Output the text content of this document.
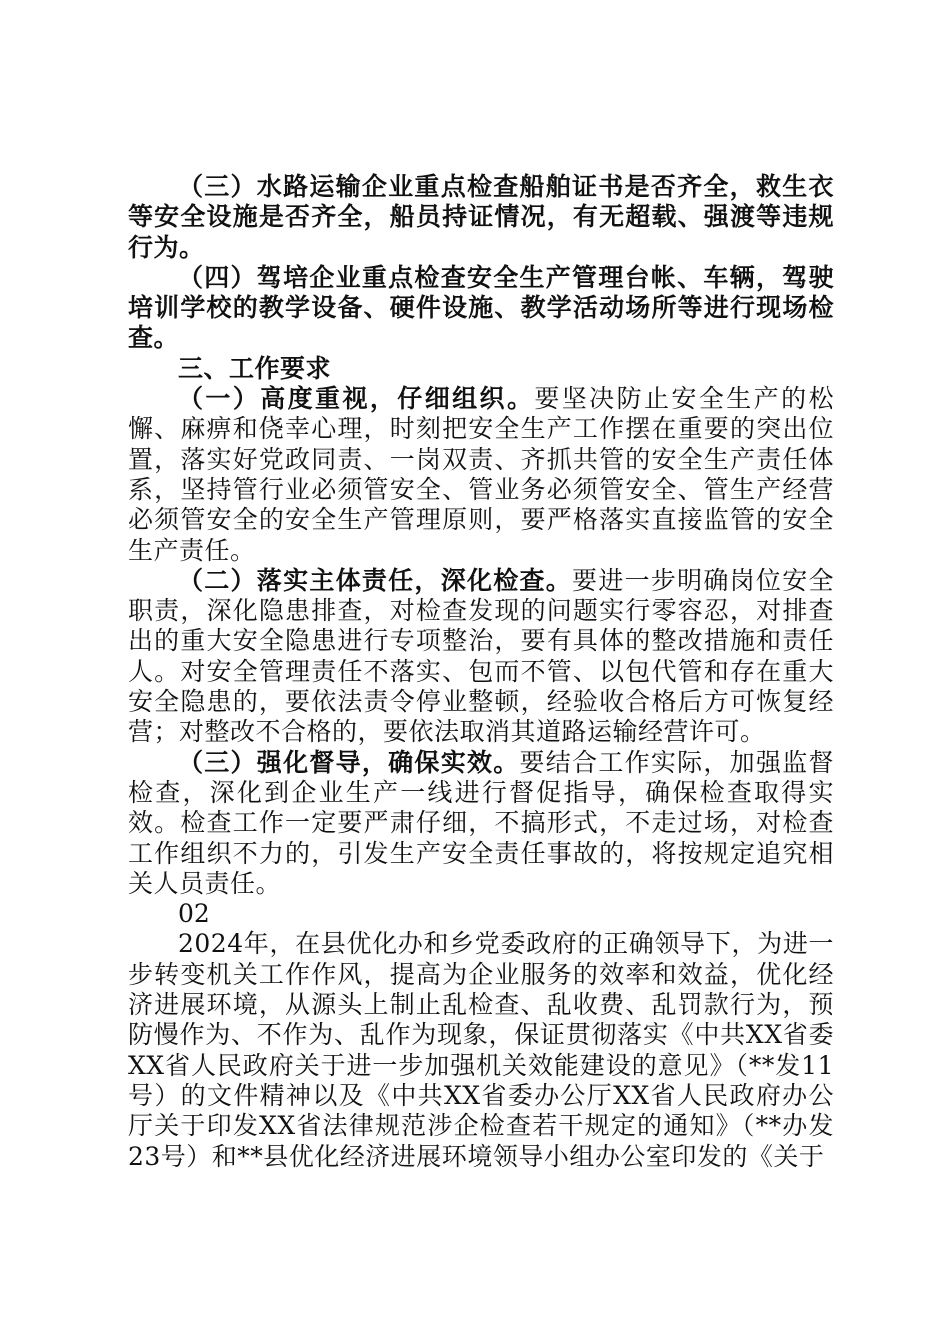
（三）水路运输企业重点检查船舶证书是否齐全，救生衣等安全设施是否齐全，船员持证情况，有无超载、强渡等违规行为。

（四）驾培企业重点检查安全生产管理台帐、车辆，驾驶培训学校的教学设备、硬件设施、教学活动场所等进行现场检查。

三、工作要求

（一）高度重视，仔细组织。要坚决防止安全生产的松懈、麻痹和侥幸心理，时刻把安全生产工作摆在重要的突出位置，落实好党政同责、一岗双责、齐抓共管的安全生产责任体系，坚持管行业必须管安全、管业务必须管安全、管生产经营必须管安全的安全生产管理原则，要严格落实直接监管的安全生产责任。

（二）落实主体责任，深化检查。要进一步明确岗位安全职责，深化隐患排查，对检查发现的问题实行零容忍，对排查出的重大安全隐患进行专项整治，要有具体的整改措施和责任人。对安全管理责任不落实、包而不管、以包代管和存在重大安全隐患的，要依法责令停业整顿，经验收合格后方可恢复经营；对整改不合格的，要依法取消其道路运输经营许可。

（三）强化督导，确保实效。要结合工作实际，加强监督检查，深化到企业生产一线进行督促指导，确保检查取得实效。检查工作一定要严肃仔细，不搞形式，不走过场，对检查工作组织不力的，引发生产安全责任事故的，将按规定追究相关人员责任。

02

2024年，在县优化办和乡党委政府的正确领导下，为进一步转变机关工作作风，提高为企业服务的效率和效益，优化经济进展环境，从源头上制止乱检查、乱收费、乱罚款行为，预防慢作为、不作为、乱作为现象，保证贯彻落实《中共XX省委XX省人民政府关于进一步加强机关效能建设的意见》（**发11号）的文件精神以及《中共XX省委办公厅XX省人民政府办公厅关于印发XX省法律规范涉企检查若干规定的通知》（**办发23号）和**县优化经济进展环境领导小组办公室印发的《关于
